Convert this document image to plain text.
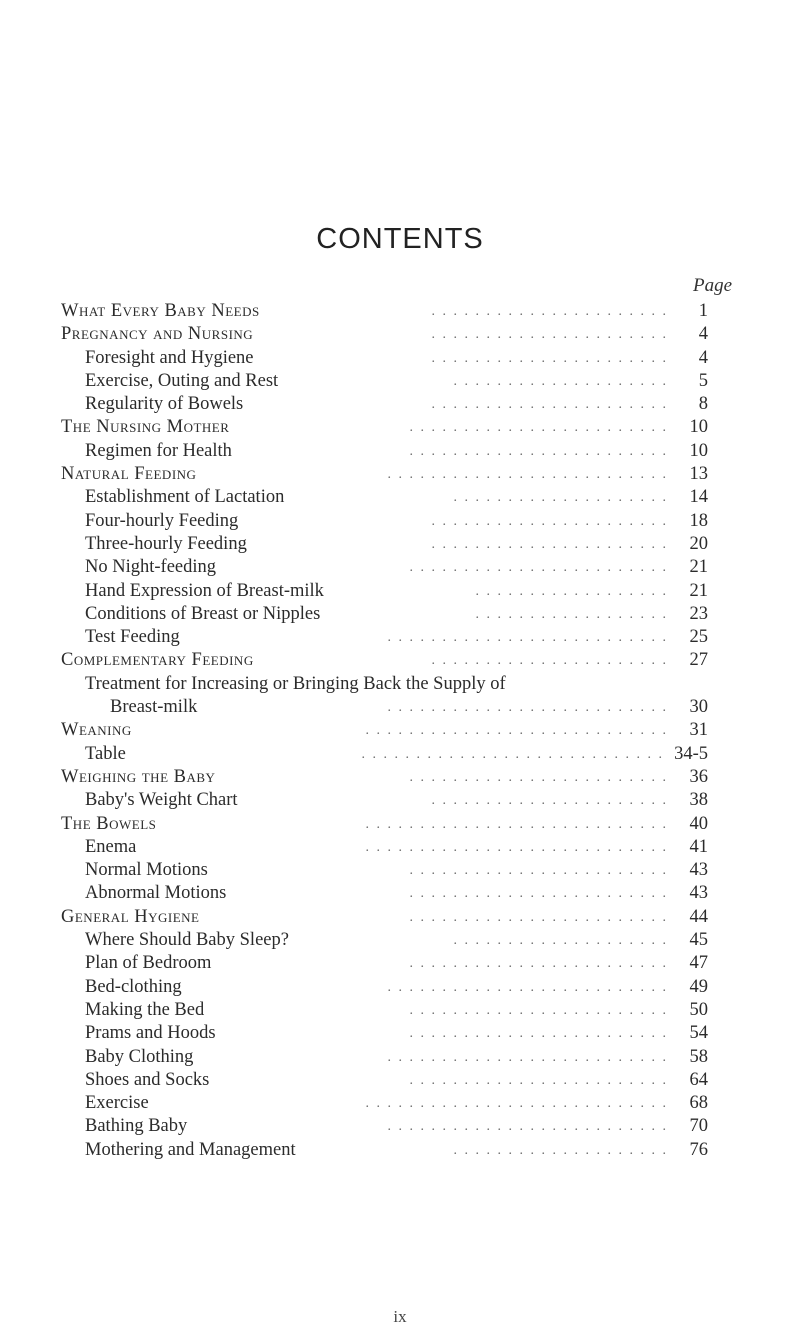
CONTENTS
Page
What Every Baby Needs	. . . . . . . . . . . . . . . . . . . . . .	1
Pregnancy and Nursing	. . . . . . . . . . . . . . . . . . . . . .	4
Foresight and Hygiene	. . . . . . . . . . . . . . . . . . . . . .	4
Exercise, Outing and Rest	. . . . . . . . . . . . . . . . . . . .	5
Regularity of Bowels	. . . . . . . . . . . . . . . . . . . . . .	8
The Nursing Mother	. . . . . . . . . . . . . . . . . . . . . . . .	10
Regimen for Health	. . . . . . . . . . . . . . . . . . . . . . . .	10
Natural Feeding	. . . . . . . . . . . . . . . . . . . . . . . . . .	13
Establishment of Lactation	. . . . . . . . . . . . . . . . . . . .	14
Four-hourly Feeding	. . . . . . . . . . . . . . . . . . . . . .	18
Three-hourly Feeding	. . . . . . . . . . . . . . . . . . . . . .	20
No Night-feeding	. . . . . . . . . . . . . . . . . . . . . . . .	21
Hand Expression of Breast-milk	. . . . . . . . . . . . . . . . . .	21
Conditions of Breast or Nipples	. . . . . . . . . . . . . . . . . .	23
Test Feeding	. . . . . . . . . . . . . . . . . . . . . . . . . .	25
Complementary Feeding	. . . . . . . . . . . . . . . . . . . . . .	27
Treatment for Increasing or Bringing Back the Supply of
Breast-milk	. . . . . . . . . . . . . . . . . . . . . . . . . .	30
Weaning	. . . . . . . . . . . . . . . . . . . . . . . . . . . .	31
Table	. . . . . . . . . . . . . . . . . . . . . . . . . . . . 34-5
Weighing the Baby	. . . . . . . . . . . . . . . . . . . . . . . .	36
Baby's Weight Chart	. . . . . . . . . . . . . . . . . . . . . .	38
The Bowels	. . . . . . . . . . . . . . . . . . . . . . . . . . . .	40
Enema	. . . . . . . . . . . . . . . . . . . . . . . . . . . .	41
Normal Motions	. . . . . . . . . . . . . . . . . . . . . . . .	43
Abnormal Motions	. . . . . . . . . . . . . . . . . . . . . . . .	43
General Hygiene	. . . . . . . . . . . . . . . . . . . . . . . .	44
Where Should Baby Sleep?	. . . . . . . . . . . . . . . . . . . .	45
Plan of Bedroom	. . . . . . . . . . . . . . . . . . . . . . . .	47
Bed-clothing	. . . . . . . . . . . . . . . . . . . . . . . . . .	49
Making the Bed	. . . . . . . . . . . . . . . . . . . . . . . .	50
Prams and Hoods	. . . . . . . . . . . . . . . . . . . . . . . .	54
Baby Clothing	. . . . . . . . . . . . . . . . . . . . . . . . . .	58
Shoes and Socks	. . . . . . . . . . . . . . . . . . . . . . . .	64
Exercise	. . . . . . . . . . . . . . . . . . . . . . . . . . . .	68
Bathing Baby	. . . . . . . . . . . . . . . . . . . . . . . . . .	70
Mothering and Management	. . . . . . . . . . . . . . . . . . . .	76
ix
